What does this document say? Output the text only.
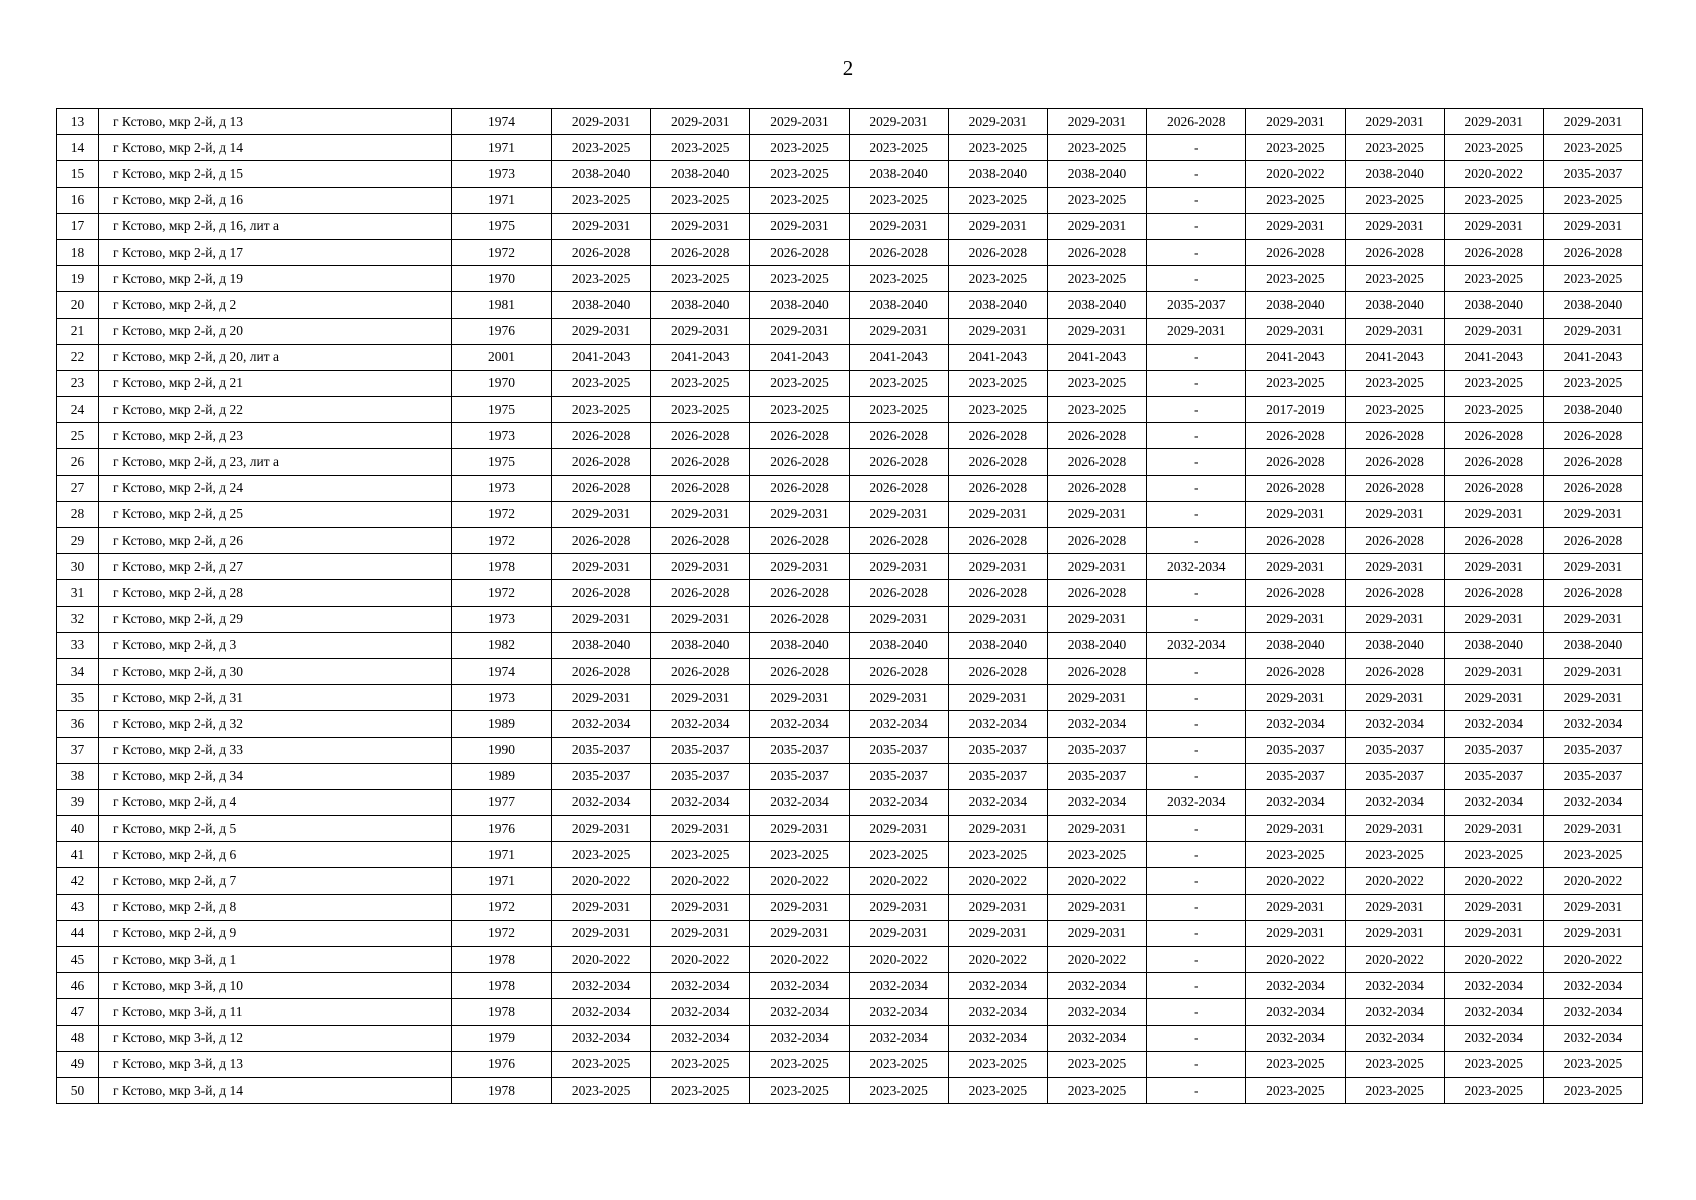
2
13	г Кстово, мкр 2-й, д 13	1974	2029-2031	2029-2031	2029-2031	2029-2031	2029-2031	2029-2031	2026-2028	2029-2031	2029-2031	2029-2031	2029-2031
14	г Кстово, мкр 2-й, д 14	1971	2023-2025	2023-2025	2023-2025	2023-2025	2023-2025	2023-2025	-	2023-2025	2023-2025	2023-2025	2023-2025
15	г Кстово, мкр 2-й, д 15	1973	2038-2040	2038-2040	2023-2025	2038-2040	2038-2040	2038-2040	-	2020-2022	2038-2040	2020-2022	2035-2037
16	г Кстово, мкр 2-й, д 16	1971	2023-2025	2023-2025	2023-2025	2023-2025	2023-2025	2023-2025	-	2023-2025	2023-2025	2023-2025	2023-2025
17	г Кстово, мкр 2-й, д 16, лит а	1975	2029-2031	2029-2031	2029-2031	2029-2031	2029-2031	2029-2031	-	2029-2031	2029-2031	2029-2031	2029-2031
18	г Кстово, мкр 2-й, д 17	1972	2026-2028	2026-2028	2026-2028	2026-2028	2026-2028	2026-2028	-	2026-2028	2026-2028	2026-2028	2026-2028
19	г Кстово, мкр 2-й, д 19	1970	2023-2025	2023-2025	2023-2025	2023-2025	2023-2025	2023-2025	-	2023-2025	2023-2025	2023-2025	2023-2025
20	г Кстово, мкр 2-й, д 2	1981	2038-2040	2038-2040	2038-2040	2038-2040	2038-2040	2038-2040	2035-2037	2038-2040	2038-2040	2038-2040	2038-2040
21	г Кстово, мкр 2-й, д 20	1976	2029-2031	2029-2031	2029-2031	2029-2031	2029-2031	2029-2031	2029-2031	2029-2031	2029-2031	2029-2031	2029-2031
22	г Кстово, мкр 2-й, д 20, лит а	2001	2041-2043	2041-2043	2041-2043	2041-2043	2041-2043	2041-2043	-	2041-2043	2041-2043	2041-2043	2041-2043
23	г Кстово, мкр 2-й, д 21	1970	2023-2025	2023-2025	2023-2025	2023-2025	2023-2025	2023-2025	-	2023-2025	2023-2025	2023-2025	2023-2025
24	г Кстово, мкр 2-й, д 22	1975	2023-2025	2023-2025	2023-2025	2023-2025	2023-2025	2023-2025	-	2017-2019	2023-2025	2023-2025	2038-2040
25	г Кстово, мкр 2-й, д 23	1973	2026-2028	2026-2028	2026-2028	2026-2028	2026-2028	2026-2028	-	2026-2028	2026-2028	2026-2028	2026-2028
26	г Кстово, мкр 2-й, д 23, лит а	1975	2026-2028	2026-2028	2026-2028	2026-2028	2026-2028	2026-2028	-	2026-2028	2026-2028	2026-2028	2026-2028
27	г Кстово, мкр 2-й, д 24	1973	2026-2028	2026-2028	2026-2028	2026-2028	2026-2028	2026-2028	-	2026-2028	2026-2028	2026-2028	2026-2028
28	г Кстово, мкр 2-й, д 25	1972	2029-2031	2029-2031	2029-2031	2029-2031	2029-2031	2029-2031	-	2029-2031	2029-2031	2029-2031	2029-2031
29	г Кстово, мкр 2-й, д 26	1972	2026-2028	2026-2028	2026-2028	2026-2028	2026-2028	2026-2028	-	2026-2028	2026-2028	2026-2028	2026-2028
30	г Кстово, мкр 2-й, д 27	1978	2029-2031	2029-2031	2029-2031	2029-2031	2029-2031	2029-2031	2032-2034	2029-2031	2029-2031	2029-2031	2029-2031
31	г Кстово, мкр 2-й, д 28	1972	2026-2028	2026-2028	2026-2028	2026-2028	2026-2028	2026-2028	-	2026-2028	2026-2028	2026-2028	2026-2028
32	г Кстово, мкр 2-й, д 29	1973	2029-2031	2029-2031	2026-2028	2029-2031	2029-2031	2029-2031	-	2029-2031	2029-2031	2029-2031	2029-2031
33	г Кстово, мкр 2-й, д 3	1982	2038-2040	2038-2040	2038-2040	2038-2040	2038-2040	2038-2040	2032-2034	2038-2040	2038-2040	2038-2040	2038-2040
34	г Кстово, мкр 2-й, д 30	1974	2026-2028	2026-2028	2026-2028	2026-2028	2026-2028	2026-2028	-	2026-2028	2026-2028	2029-2031	2029-2031
35	г Кстово, мкр 2-й, д 31	1973	2029-2031	2029-2031	2029-2031	2029-2031	2029-2031	2029-2031	-	2029-2031	2029-2031	2029-2031	2029-2031
36	г Кстово, мкр 2-й, д 32	1989	2032-2034	2032-2034	2032-2034	2032-2034	2032-2034	2032-2034	-	2032-2034	2032-2034	2032-2034	2032-2034
37	г Кстово, мкр 2-й, д 33	1990	2035-2037	2035-2037	2035-2037	2035-2037	2035-2037	2035-2037	-	2035-2037	2035-2037	2035-2037	2035-2037
38	г Кстово, мкр 2-й, д 34	1989	2035-2037	2035-2037	2035-2037	2035-2037	2035-2037	2035-2037	-	2035-2037	2035-2037	2035-2037	2035-2037
39	г Кстово, мкр 2-й, д 4	1977	2032-2034	2032-2034	2032-2034	2032-2034	2032-2034	2032-2034	2032-2034	2032-2034	2032-2034	2032-2034	2032-2034
40	г Кстово, мкр 2-й, д 5	1976	2029-2031	2029-2031	2029-2031	2029-2031	2029-2031	2029-2031	-	2029-2031	2029-2031	2029-2031	2029-2031
41	г Кстово, мкр 2-й, д 6	1971	2023-2025	2023-2025	2023-2025	2023-2025	2023-2025	2023-2025	-	2023-2025	2023-2025	2023-2025	2023-2025
42	г Кстово, мкр 2-й, д 7	1971	2020-2022	2020-2022	2020-2022	2020-2022	2020-2022	2020-2022	-	2020-2022	2020-2022	2020-2022	2020-2022
43	г Кстово, мкр 2-й, д 8	1972	2029-2031	2029-2031	2029-2031	2029-2031	2029-2031	2029-2031	-	2029-2031	2029-2031	2029-2031	2029-2031
44	г Кстово, мкр 2-й, д 9	1972	2029-2031	2029-2031	2029-2031	2029-2031	2029-2031	2029-2031	-	2029-2031	2029-2031	2029-2031	2029-2031
45	г Кстово, мкр 3-й, д 1	1978	2020-2022	2020-2022	2020-2022	2020-2022	2020-2022	2020-2022	-	2020-2022	2020-2022	2020-2022	2020-2022
46	г Кстово, мкр 3-й, д 10	1978	2032-2034	2032-2034	2032-2034	2032-2034	2032-2034	2032-2034	-	2032-2034	2032-2034	2032-2034	2032-2034
47	г Кстово, мкр 3-й, д 11	1978	2032-2034	2032-2034	2032-2034	2032-2034	2032-2034	2032-2034	-	2032-2034	2032-2034	2032-2034	2032-2034
48	г Кстово, мкр 3-й, д 12	1979	2032-2034	2032-2034	2032-2034	2032-2034	2032-2034	2032-2034	-	2032-2034	2032-2034	2032-2034	2032-2034
49	г Кстово, мкр 3-й, д 13	1976	2023-2025	2023-2025	2023-2025	2023-2025	2023-2025	2023-2025	-	2023-2025	2023-2025	2023-2025	2023-2025
50	г Кстово, мкр 3-й, д 14	1978	2023-2025	2023-2025	2023-2025	2023-2025	2023-2025	2023-2025	-	2023-2025	2023-2025	2023-2025	2023-2025
